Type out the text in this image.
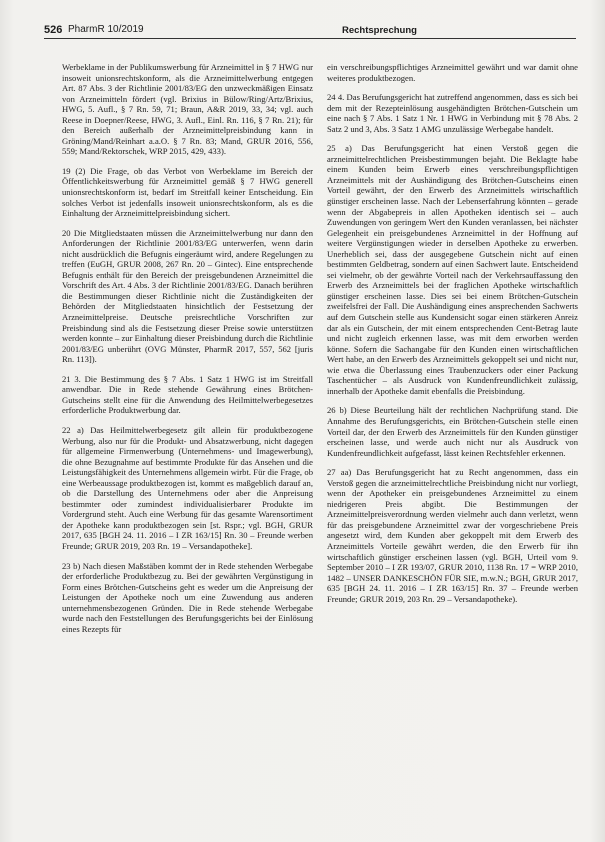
526 PharmR 10/2019	Rechtsprechung

Werbeklame in der Publikumswerbung für Arzneimittel in § 7 HWG nur insoweit unionsrechtskonform, als die Arzneimittelwerbung entgegen Art. 87 Abs. 3 der Richtlinie 2001/83/EG den unzweckmäßigen Einsatz von Arzneimitteln fördert (vgl. Brixius in Bülow/Ring/Artz/Brixius, HWG, 5. Aufl., § 7 Rn. 59, 71; Braun, A&R 2019, 33, 34; vgl. auch Reese in Doepner/Reese, HWG, 3. Aufl., Einl. Rn. 116, § 7 Rn. 21); für den Bereich außerhalb der Arzneimittelpreisbindung kann in Gröning/Mand/Reinhart a.a.O. § 7 Rn. 83; Mand, GRUR 2016, 556, 559; Mand/Rektorschek, WRP 2015, 429, 433).

19 (2) Die Frage, ob das Verbot von Werbeklame im Bereich der Öffentlichkeitswerbung für Arzneimittel gemäß § 7 HWG generell unionsrechtskonform ist, bedarf im Streitfall keiner Entscheidung. Ein solches Verbot ist jedenfalls insoweit unionsrechtskonform, als es die Einhaltung der Arzneimittelpreisbindung sichert.

20 Die Mitgliedstaaten müssen die Arzneimittelwerbung nur dann den Anforderungen der Richtlinie 2001/83/EG unterwerfen, wenn darin nicht ausdrücklich die Befugnis eingeräumt wird, andere Regelungen zu treffen (EuGH, GRUR 2008, 267 Rn. 20 – Gintec). Eine entsprechende Befugnis enthält für den Bereich der preisgebundenen Arzneimittel die Vorschrift des Art. 4 Abs. 3 der Richtlinie 2001/83/EG. Danach berühren die Bestimmungen dieser Richtlinie nicht die Zuständigkeiten der Behörden der Mitgliedstaaten hinsichtlich der Festsetzung der Arzneimittelpreise. Deutsche preisrechtliche Vorschriften zur Preisbindung sind als die Festsetzung dieser Preise sowie unterstützen werden konnte – zur Einhaltung dieser Preisbindung durch die Richtlinie 2001/83/EG unberührt (OVG Münster, PharmR 2017, 557, 562 [juris Rn. 113]).

21 3. Die Bestimmung des § 7 Abs. 1 Satz 1 HWG ist im Streitfall anwendbar. Die in Rede stehende Gewährung eines Brötchen-Gutscheins stellt eine für die Anwendung des Heilmittelwerbegesetzes erforderliche Produktwerbung dar.

22 a) Das Heilmittelwerbegesetz gilt allein für produktbezogene Werbung, also nur für die Produkt- und Absatzwerbung, nicht dagegen für allgemeine Firmenwerbung (Unternehmens- und Imagewerbung), die ohne Bezugnahme auf bestimmte Produkte für das Ansehen und die Leistungsfähigkeit des Unternehmens allgemein wirbt. Für die Frage, ob eine Werbeaussage produktbezogen ist, kommt es maßgeblich darauf an, ob die Darstellung des Unternehmens oder aber die Anpreisung bestimmter oder zumindest individualisierbarer Produkte im Vordergrund steht. Auch eine Werbung für das gesamte Warensortiment der Apotheke kann produktbezogen sein [st. Rspr.; vgl. BGH, GRUR 2017, 635 [BGH 24. 11. 2016 – I ZR 163/15] Rn. 30 – Freunde werben Freunde; GRUR 2019, 203 Rn. 19 – Versandapotheke].

23 b) Nach diesen Maßstäben kommt der in Rede stehenden Werbegabe der erforderliche Produktbezug zu. Bei der gewährten Vergünstigung in Form eines Brötchen-Gutscheins geht es weder um die Anpreisung der Leistungen der Apotheke noch um eine Zuwendung aus anderen unternehmensbezogenen Gründen. Die in Rede stehende Werbegabe wurde nach den Feststellungen des Berufungsgerichts bei der Einlösung eines Rezepts für

ein verschreibungspflichtiges Arzneimittel gewährt und war damit ohne weiteres produktbezogen.

24 4. Das Berufungsgericht hat zutreffend angenommen, dass es sich bei dem mit der Rezepteinlösung ausgehändigten Brötchen-Gutschein um eine nach § 7 Abs. 1 Satz 1 Nr. 1 HWG in Verbindung mit § 78 Abs. 2 Satz 2 und 3, Abs. 3 Satz 1 AMG unzulässige Werbegabe handelt.

25 a) Das Berufungsgericht hat einen Verstoß gegen die arzneimittelrechtlichen Preisbestimmungen bejaht. Die Beklagte habe einem Kunden beim Erwerb eines verschreibungspflichtigen Arzneimittels mit der Aushändigung des Brötchen-Gutscheins einen Vorteil gewährt, der den Erwerb des Arzneimittels wirtschaftlich günstiger erscheinen lasse. Nach der Lebenserfahrung könnten – gerade wenn der Abgabepreis in allen Apotheken identisch sei – auch Zuwendungen von geringem Wert den Kunden veranlassen, bei nächster Gelegenheit ein preisgebundenes Arzneimittel in der Hoffnung auf weitere Vergünstigungen wieder in derselben Apotheke zu erwerben. Unerheblich sei, dass der ausgegebene Gutschein nicht auf einen bestimmten Geldbetrag, sondern auf einen Sachwert laute. Entscheidend sei vielmehr, ob der gewährte Vorteil nach der Verkehrsauffassung den Erwerb des Arzneimittels bei der fraglichen Apotheke wirtschaftlich günstiger erscheinen lasse. Dies sei bei einem Brötchen-Gutschein zweifelsfrei der Fall. Die Aushändigung eines ansprechenden Sachwerts auf dem Gutschein stelle aus Kundensicht sogar einen stärkeren Anreiz dar als ein Gutschein, der mit einem entsprechenden Cent-Betrag laute und nicht zugleich erkennen lasse, was mit dem erworben werden könne. Sofern die Sachangabe für den Kunden einen wirtschaftlichen Wert habe, an den Erwerb des Arzneimittels gekoppelt sei und nicht nur, wie etwa die Überlassung eines Traubenzuckers oder einer Packung Taschentücher – als Ausdruck von Kundenfreundlichkeit zulässig, innerhalb der Apotheke damit ebenfalls die Preisbindung.

26 b) Diese Beurteilung hält der rechtlichen Nachprüfung stand. Die Annahme des Berufungsgerichts, ein Brötchen-Gutschein stelle einen Vorteil dar, der den Erwerb des Arzneimittels für den Kunden günstiger erscheinen lasse, und werde auch nicht nur als Ausdruck von Kundenfreundlichkeit aufgefasst, lässt keinen Rechtsfehler erkennen.

27 aa) Das Berufungsgericht hat zu Recht angenommen, dass ein Verstoß gegen die arzneimittelrechtliche Preisbindung nicht nur vorliegt, wenn der Apotheker ein preisgebundenes Arzneimittel zu einem niedrigeren Preis abgibt. Die Bestimmungen der Arzneimittelpreisverordnung werden vielmehr auch dann verletzt, wenn für das preisgebundene Arzneimittel zwar der vorgeschriebene Preis angesetzt wird, dem Kunden aber gekoppelt mit dem Erwerb des Arzneimittels Vorteile gewährt werden, die den Erwerb für ihn wirtschaftlich günstiger erscheinen lassen (vgl. BGH, Urteil vom 9. September 2010 – I ZR 193/07, GRUR 2010, 1138 Rn. 17 = WRP 2010, 1482 – UNSER DANKESCHÖN FÜR SIE, m.w.N.; BGH, GRUR 2017, 635 [BGH 24. 11. 2016 – I ZR 163/15] Rn. 37 – Freunde werben Freunde; GRUR 2019, 203 Rn. 29 – Versandapotheke).
